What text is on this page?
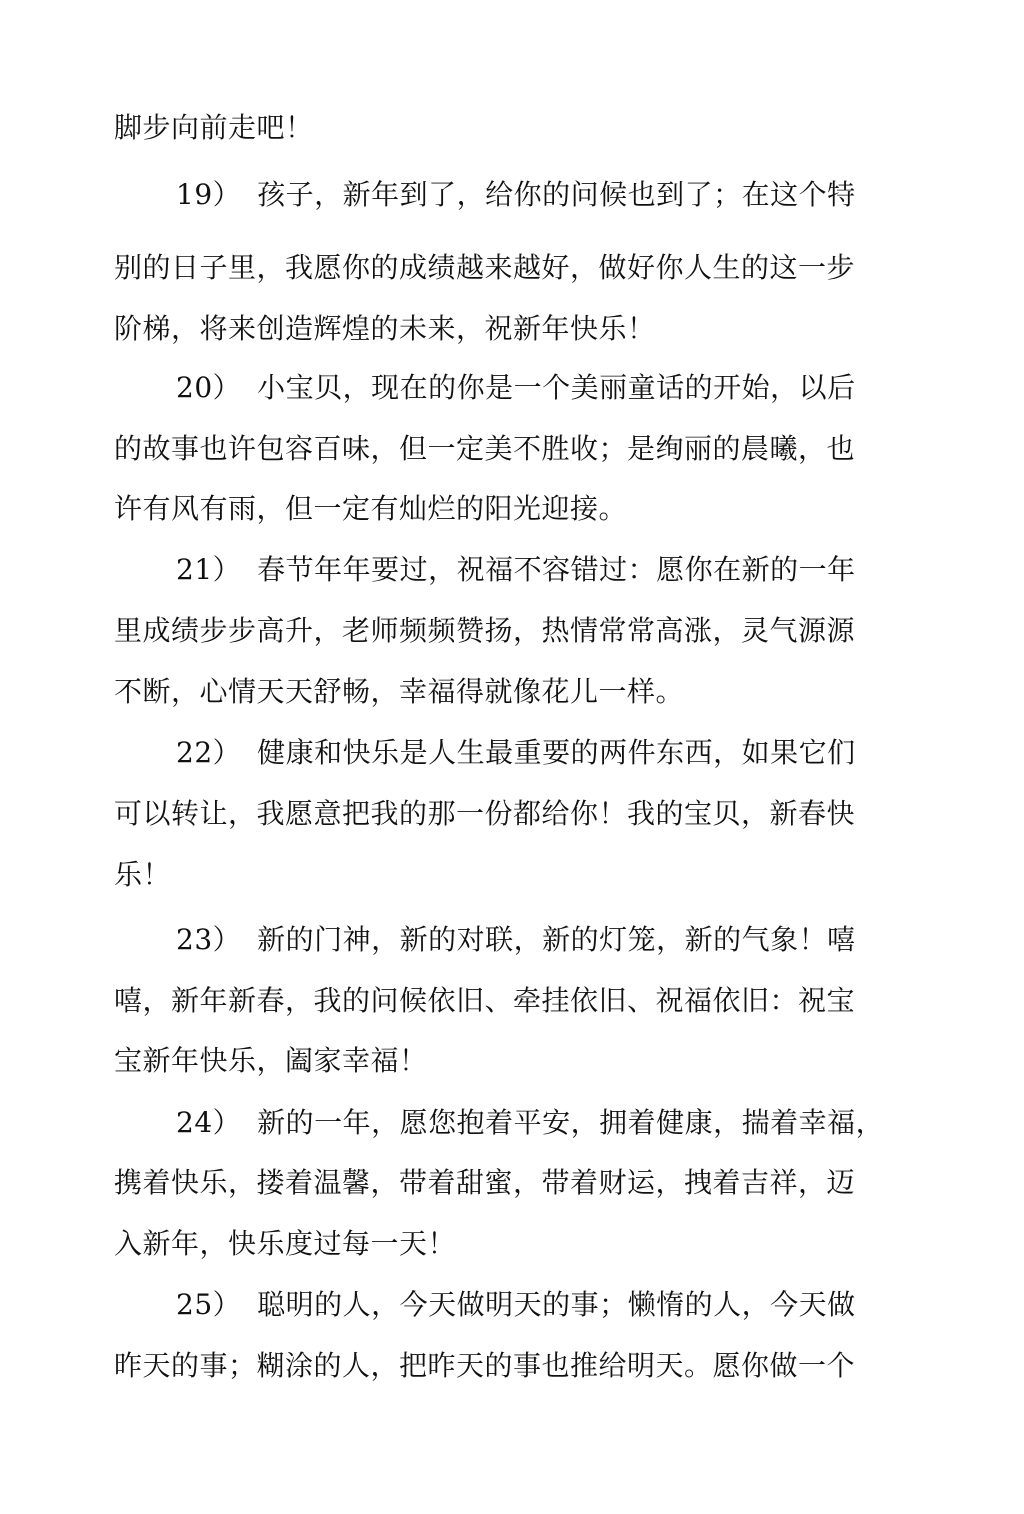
脚步向前走吧！
19） 孩子，新年到了，给你的问候也到了；在这个特
别的日子里，我愿你的成绩越来越好，做好你人生的这一步
阶梯，将来创造辉煌的未来，祝新年快乐！
20） 小宝贝，现在的你是一个美丽童话的开始，以后
的故事也许包容百味，但一定美不胜收；是绚丽的晨曦，也
许有风有雨，但一定有灿烂的阳光迎接。
21） 春节年年要过，祝福不容错过：愿你在新的一年
里成绩步步高升，老师频频赞扬，热情常常高涨，灵气源源
不断，心情天天舒畅，幸福得就像花儿一样。
22） 健康和快乐是人生最重要的两件东西，如果它们
可以转让，我愿意把我的那一份都给你！我的宝贝，新春快
乐！
23） 新的门神，新的对联，新的灯笼，新的气象！嘻
嘻，新年新春，我的问候依旧、牵挂依旧、祝福依旧：祝宝
宝新年快乐，阖家幸福！
24） 新的一年，愿您抱着平安，拥着健康，揣着幸福，
携着快乐，搂着温馨，带着甜蜜，带着财运，拽着吉祥，迈
入新年，快乐度过每一天！
25） 聪明的人，今天做明天的事；懒惰的人，今天做
昨天的事；糊涂的人，把昨天的事也推给明天。愿你做一个
